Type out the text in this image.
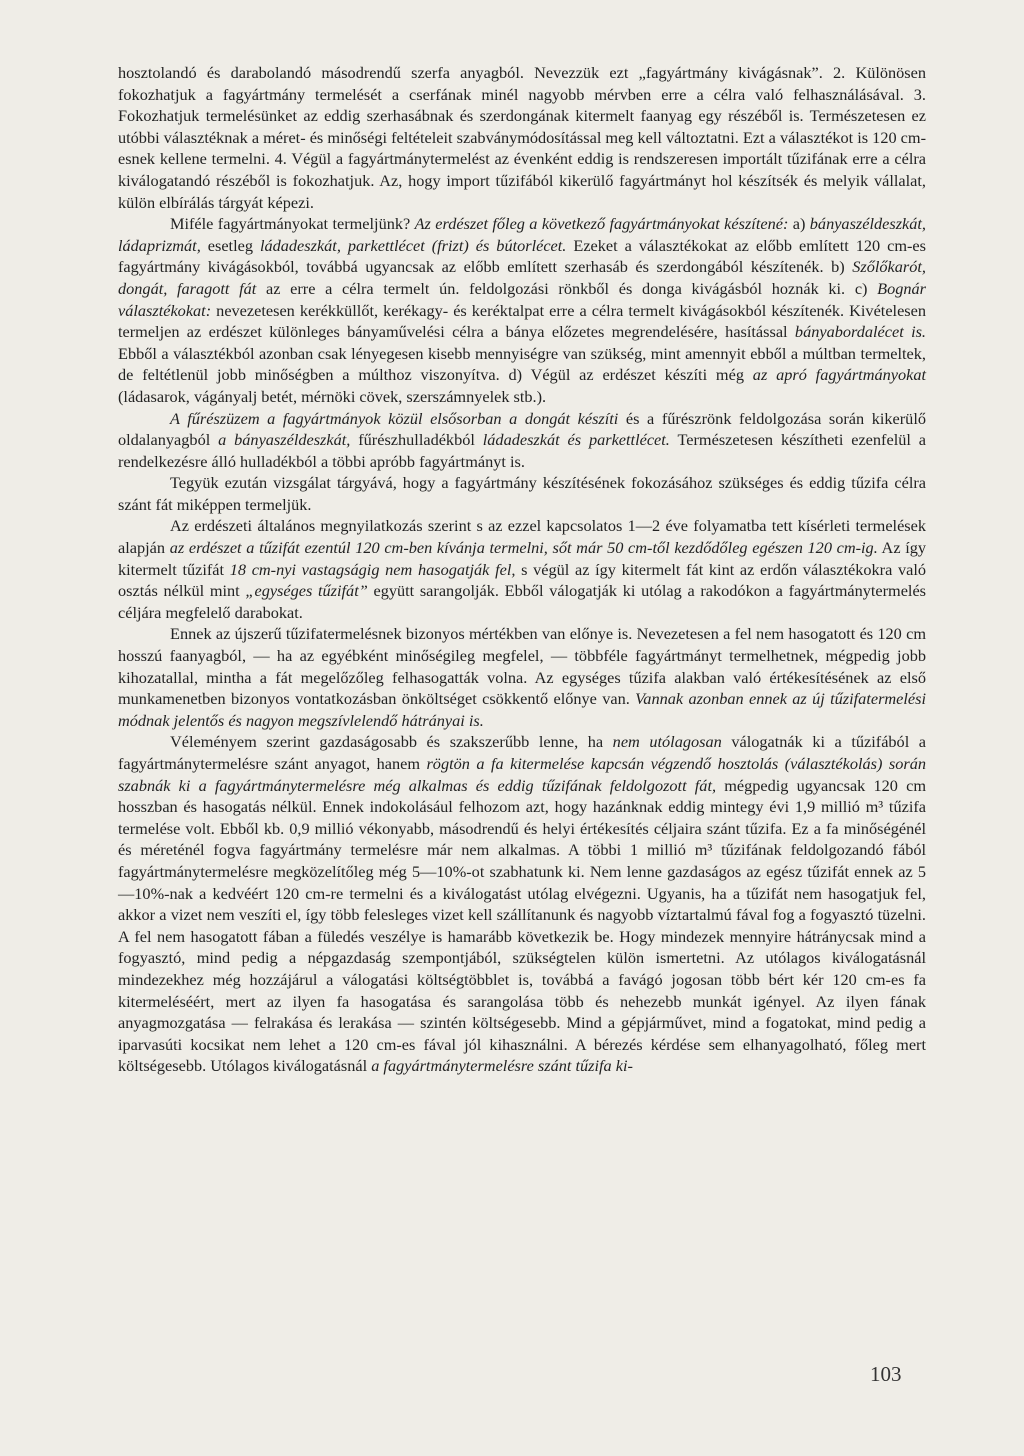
hosztolandó és darabolandó másodrendű szerfa anyagból. Nevezzük ezt „fagyártmány kivágásnak”. 2. Különösen fokozhatjuk a fagyártmány termelését a cserfának minél nagyobb mérvben erre a célra való felhasználásával. 3. Fokozhatjuk termelésünket az eddig szerhasábnak és szerdongának kitermelt faanyag egy részéből is. Természetesen ez utóbbi választéknak a méret- és minőségi feltételeit szabványmódosítással meg kell változtatni. Ezt a választékot is 120 cm-esnek kellene termelni. 4. Végül a fagyártmánytermelést az évenként eddig is rendszeresen importált tűzifának erre a célra kiválogatandó részéből is fokozhatjuk. Az, hogy import tűzifából kikerülő fagyártmányt hol készítsék és melyik vállalat, külön elbírálás tárgyát képezi.

Miféle fagyártmányokat termeljünk? Az erdészet főleg a következő fagyártmányokat készítené: a) bányaszéldeszkát, ládaprizmát, esetleg ládadeszkát, parkettlécet (frizt) és bútorlécet. Ezeket a választékokat az előbb említett 120 cm-es fagyártmány kivágásokból, továbbá ugyancsak az előbb említett szerhasáb és szerdongából készítenék. b) Szőlőkarót, dongát, faragott fát az erre a célra termelt ún. feldolgozási rönkből és donga kivágásból hoznák ki. c) Bognár választékokat: nevezetesen kerékküllőt, kerékagy- és keréktalpat erre a célra termelt kivágásokból készítenék. Kivételesen termeljen az erdészet különleges bányaművelési célra a bánya előzetes megrendelésére, hasítással bányabordalécet is. Ebből a választékból azonban csak lényegesen kisebb mennyiségre van szükség, mint amennyit ebből a múltban termeltek, de feltétlenül jobb minőségben a múlthoz viszonyítva. d) Végül az erdészet készíti még az apró fagyártmányokat (ládasarok, vágányalj betét, mérnöki cövek, szerszámnyelek stb.).

A fűrészüzem a fagyártmányok közül elsősorban a dongát készíti és a fűrészrönk feldolgozása során kikerülő oldalanyagból a bányaszéldeszkát, fűrészhulladékból ládadeszkát és parkettlécet. Természetesen készítheti ezenfelül a rendelkezésre álló hulladékból a többi apróbb fagyártmányt is.

Tegyük ezután vizsgálat tárgyává, hogy a fagyártmány készítésének fokozásához szükséges és eddig tűzifa célra szánt fát miképpen termeljük.

Az erdészeti általános megnyilatkozás szerint s az ezzel kapcsolatos 1—2 éve folyamatba tett kísérleti termelések alapján az erdészet a tűzifát ezentúl 120 cm-ben kívánja termelni, sőt már 50 cm-től kezdődőleg egészen 120 cm-ig. Az így kitermelt tűzifát 18 cm-nyi vastagságig nem hasogatják fel, s végül az így kitermelt fát kint az erdőn választékokra való osztás nélkül mint „egységes tűzifát” együtt sarangolják. Ebből válogatják ki utólag a rakodókon a fagyártmánytermelés céljára megfelelő darabokat.

Ennek az újszerű tűzifatermelésnek bizonyos mértékben van előnye is. Nevezetesen a fel nem hasogatott és 120 cm hosszú faanyagból, — ha az egyébként minőségileg megfelel, — többféle fagyártmányt termelhetnek, mégpedig jobb kihozatallal, mintha a fát megelőzőleg felhasogatták volna. Az egységes tűzifa alakban való értékesítésének az első munkamenetben bizonyos vontatkozásban önköltséget csökkentő előnye van. Vannak azonban ennek az új tűzifatermelési módnak jelentős és nagyon megszívlelendő hátrányai is.

Véleményem szerint gazdaságosabb és szakszerűbb lenne, ha nem utólagosan válogatnák ki a tűzifából a fagyártmánytermelésre szánt anyagot, hanem rögtön a fa kitermelése kapcsán végzendő hosztolás (választékolás) során szabnák ki a fagyártmánytermelésre még alkalmas és eddig tűzifának feldolgozott fát, mégpedig ugyancsak 120 cm hosszban és hasogatás nélkül. Ennek indokolásául felhozom azt, hogy hazánknak eddig mintegy évi 1,9 millió m³ tűzifa termelése volt. Ebből kb. 0,9 millió vékonyabb, másodrendű és helyi értékesítés céljaira szánt tűzifa. Ez a fa minőségénél és méreténél fogva fagyártmány termelésre már nem alkalmas. A többi 1 millió m³ tűzifának feldolgozandó fából fagyártmánytermelésre megközelítőleg még 5—10%-ot szabhatunk ki. Nem lenne gazdaságos az egész tűzifát ennek az 5—10%-nak a kedvéért 120 cm-re termelni és a kiválogatást utólag elvégezni. Ugyanis, ha a tűzifát nem hasogatjuk fel, akkor a vizet nem veszíti el, így több felesleges vizet kell szállítanunk és nagyobb víztartalmú fával fog a fogyasztó tüzelni. A fel nem hasogatott fában a füledés veszélye is hamarább következik be. Hogy mindezek mennyire hátránycsak mind a fogyasztó, mind pedig a népgazdaság szempontjából, szükségtelen külön ismertetni. Az utólagos kiválogatásnál mindezekhez még hozzájárul a válogatási költségtöbblet is, továbbá a favágó jogosan több bért kér 120 cm-es fa kitermeléséért, mert az ilyen fa hasogatása és sarangolása több és nehezebb munkát igényel. Az ilyen fának anyagmozgatása — felrakása és lerakása — szintén költségesebb. Mind a gépjárművet, mind a fogatokat, mind pedig a iparvasúti kocsikat nem lehet a 120 cm-es fával jól kihasználni. A bérezés kérdése sem elhanyagolható, főleg mert költségesebb. Utólagos kiválogatásnál a fagyártmánytermelésre szánt tűzifa ki-

103
